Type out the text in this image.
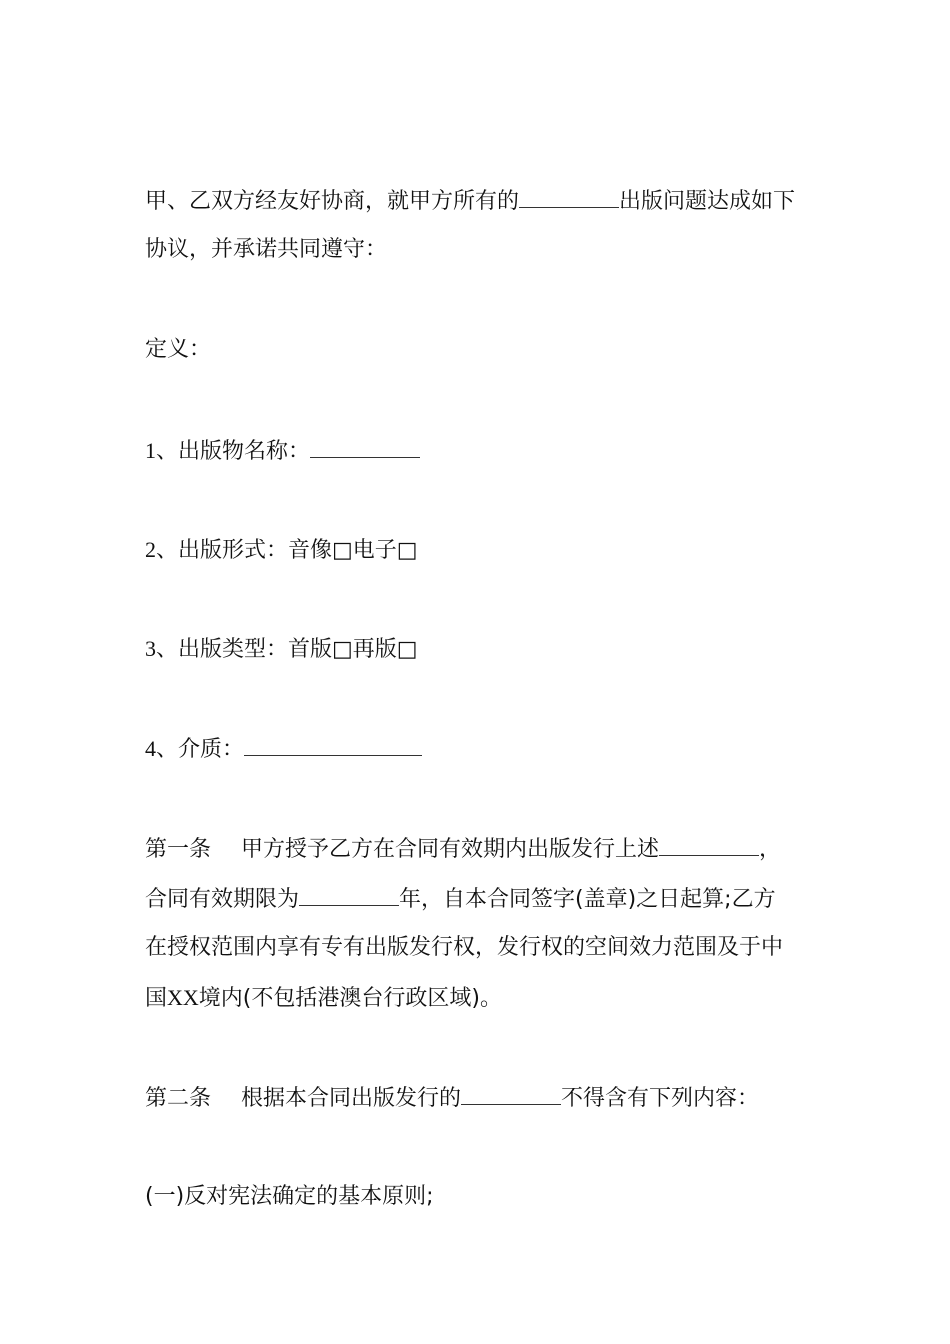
甲、乙双方经友好协商，就甲方所有的	出版问题达成如下

协议，并承诺共同遵守：

定义：

1、出版物名称：

2、出版形式：音像□电子□

3、出版类型：首版□再版□

4、介质：

第一条 甲方授予乙方在合同有效期内出版发行上述	，

合同有效期限为	年，自本合同签字(盖章)之日起算;乙方

在授权范围内享有专有出版发行权，发行权的空间效力范围及于中

国XX境内(不包括港澳台行政区域)。

第二条 根据本合同出版发行的	不得含有下列内容：

(一)反对宪法确定的基本原则;
